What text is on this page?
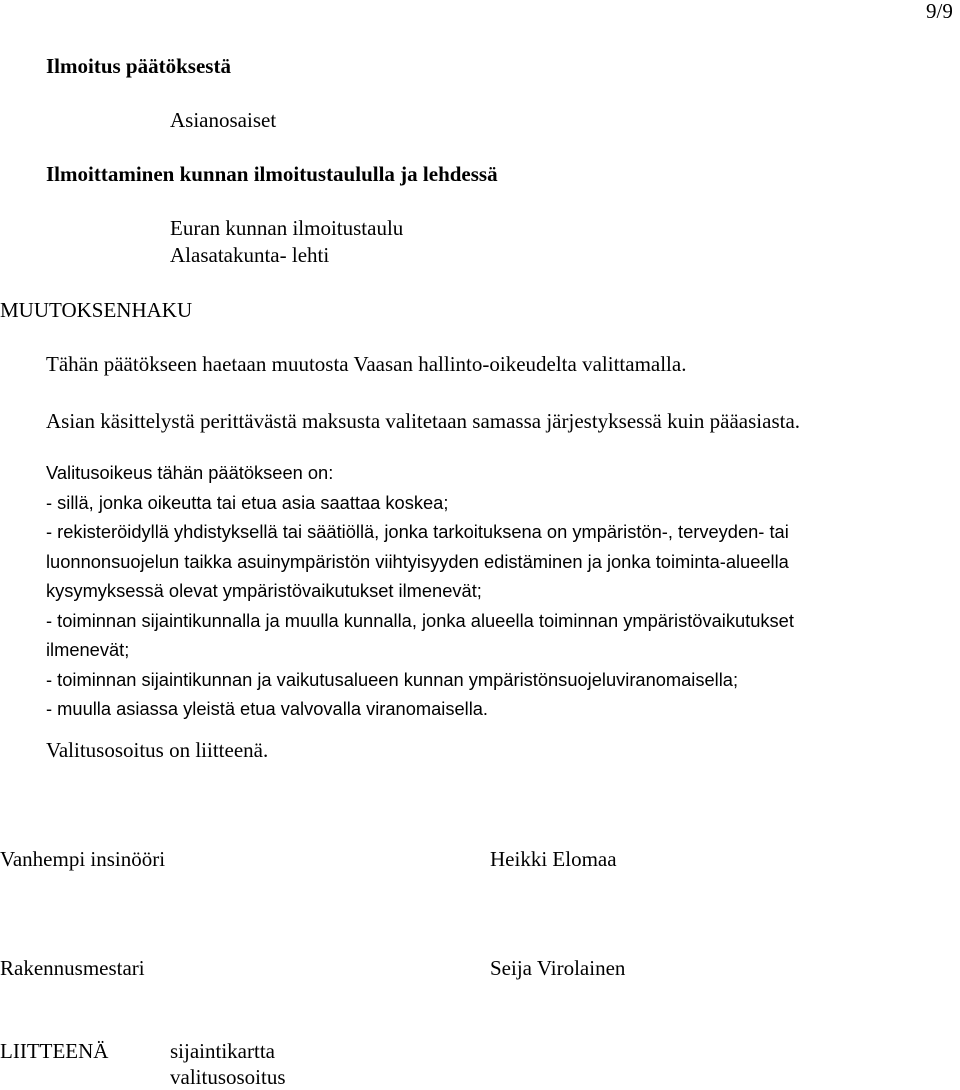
9/9
Ilmoitus päätöksestä
Asianosaiset
Ilmoittaminen kunnan ilmoitustaululla ja lehdessä
Euran kunnan ilmoitustaulu
Alasatakunta- lehti
MUUTOKSENHAKU
Tähän päätökseen haetaan muutosta Vaasan hallinto-oikeudelta valittamalla.
Asian käsittelystä perittävästä maksusta valitetaan samassa järjestyksessä kuin pääasiasta.
Valitusoikeus tähän päätökseen on:
- sillä, jonka oikeutta tai etua asia saattaa koskea;
- rekisteröidyllä yhdistyksellä tai säätiöllä, jonka tarkoituksena on ympäristön-, terveyden- tai
luonnonsuojelun taikka asuinympäristön viihtyisyyden edistäminen ja jonka toiminta-alueella
kysymyksessä olevat ympäristövaikutukset ilmenevät;
- toiminnan sijaintikunnalla ja muulla kunnalla, jonka alueella toiminnan ympäristövaikutukset
ilmenevät;
- toiminnan sijaintikunnan ja vaikutusalueen kunnan ympäristönsuojeluviranomaisella;
- muulla asiassa yleistä etua valvovalla viranomaisella.
Valitusosoitus on liitteenä.
Vanhempi insinööri	Heikki Elomaa
Rakennusmestari	Seija Virolainen
LIITTEENÄ	sijaintikartta
valitusosoitus
